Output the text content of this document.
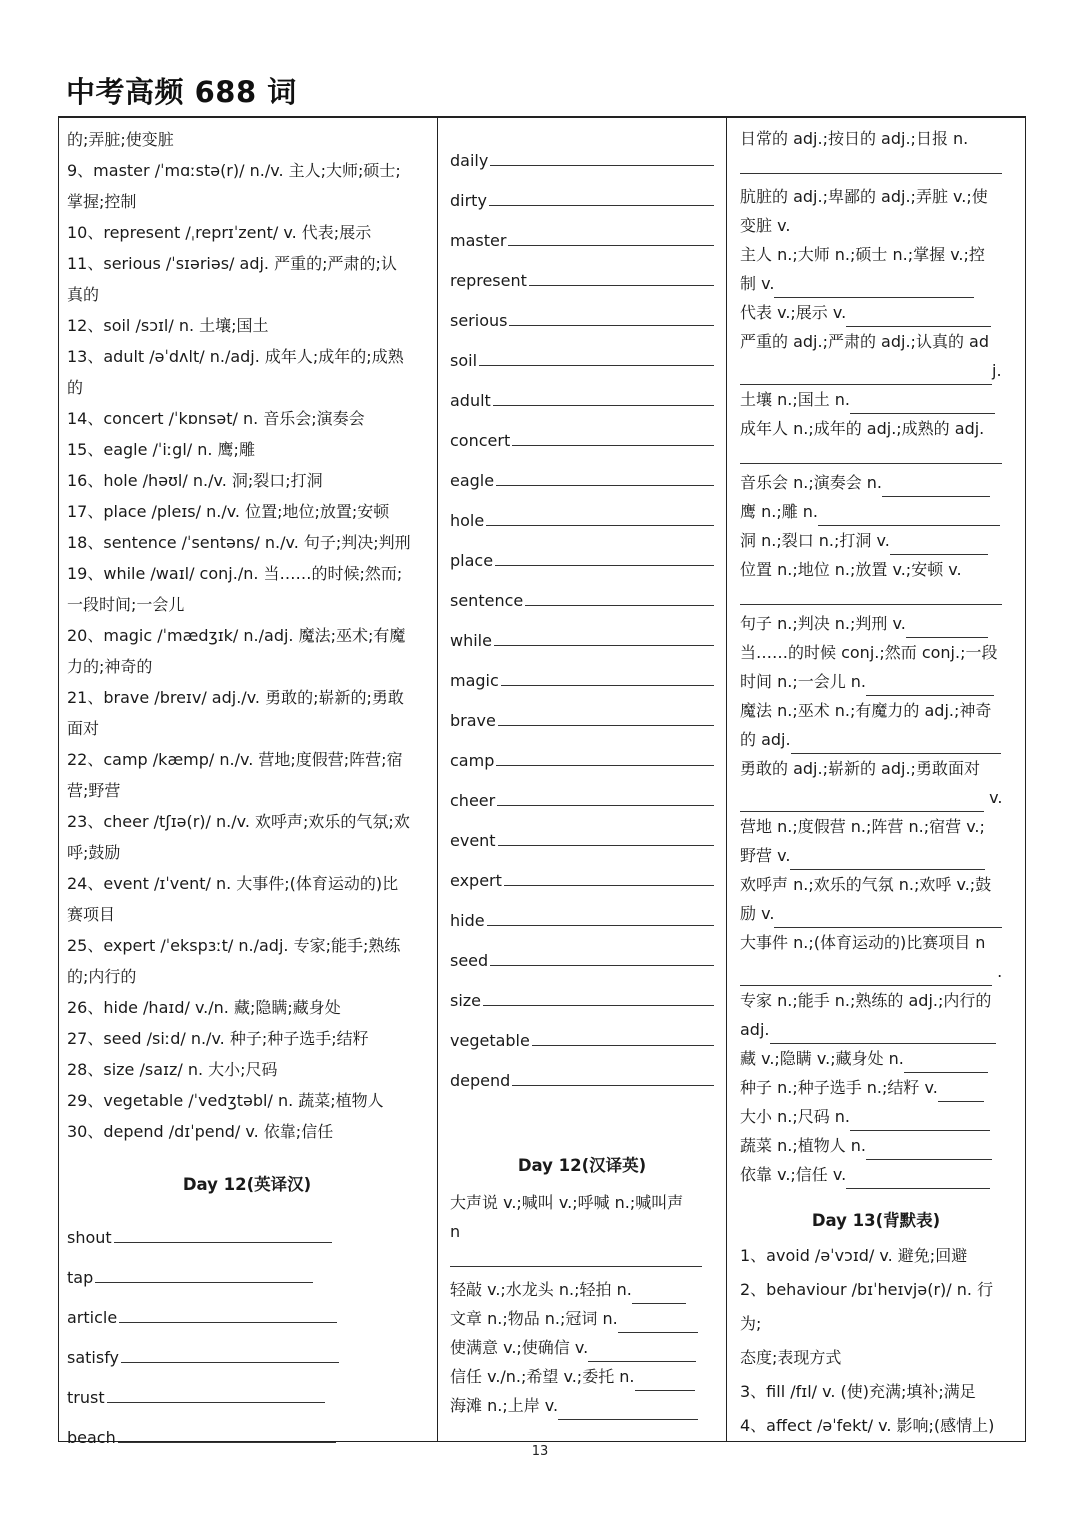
中考高频 688 词

的;弄脏;使变脏

9、master /ˈmɑːstə(r)/ n./v. 主人;大师;硕士;

掌握;控制

10、represent /ˌreprɪˈzent/ v. 代表;展示

11、serious /ˈsɪəriəs/ adj. 严重的;严肃的;认

真的

12、soil /sɔɪl/ n. 土壤;国土

13、adult /əˈdʌlt/ n./adj. 成年人;成年的;成熟

的

14、concert /ˈkɒnsət/ n. 音乐会;演奏会

15、eagle /ˈiːgl/ n. 鹰;雕

16、hole /həʊl/ n./v. 洞;裂口;打洞

17、place /pleɪs/ n./v. 位置;地位;放置;安顿

18、sentence /ˈsentəns/ n./v. 句子;判决;判刑

19、while /waɪl/ conj./n. 当……的时候;然而;

一段时间;一会儿

20、magic /ˈmædʒɪk/ n./adj. 魔法;巫术;有魔

力的;神奇的

21、brave /breɪv/ adj./v. 勇敢的;崭新的;勇敢

面对

22、camp /kæmp/ n./v. 营地;度假营;阵营;宿

营;野营

23、cheer /tʃɪə(r)/ n./v. 欢呼声;欢乐的气氛;欢

呼;鼓励

24、event /ɪˈvent/ n. 大事件;(体育运动的)比

赛项目

25、expert /ˈekspɜːt/ n./adj. 专家;能手;熟练

的;内行的

26、hide /haɪd/ v./n. 藏;隐瞒;藏身处

27、seed /siːd/ n./v. 种子;种子选手;结籽

28、size /saɪz/ n. 大小;尺码

29、vegetable /ˈvedʒtəbl/ n. 蔬菜;植物人

30、depend /dɪˈpend/ v. 依靠;信任

Day 12(英译汉)
shout
tap
article
satisfy
trust
beach
daily
dirty
master
represent
serious
soil
adult
concert
eagle
hole
place
sentence
while
magic
brave
camp
cheer
event
expert
hide
seed
size
vegetable
depend
Day 12(汉译英)
大声说 v.;喊叫 v.;呼喊 n.;喊叫声
n
轻敲 v.;水龙头 n.;轻拍 n.
文章 n.;物品 n.;冠词 n.
使满意 v.;使确信 v.
信任 v./n.;希望 v.;委托 n.
海滩 n.;上岸 v.
日常的 adj.;按日的 adj.;日报 n.
肮脏的 adj.;卑鄙的 adj.;弄脏 v.;使
变脏 v.
主人 n.;大师 n.;硕士 n.;掌握 v.;控
制 v.
代表 v.;展示 v.
严重的 adj.;严肃的 adj.;认真的 ad
j.
土壤 n.;国土 n.
成年人 n.;成年的 adj.;成熟的 adj.
音乐会 n.;演奏会 n.
鹰 n.;雕 n.
洞 n.;裂口 n.;打洞 v.
位置 n.;地位 n.;放置 v.;安顿 v.
句子 n.;判决 n.;判刑 v.
当……的时候 conj.;然而 conj.;一段
时间 n.;一会儿 n.
魔法 n.;巫术 n.;有魔力的 adj.;神奇
的 adj.
勇敢的 adj.;崭新的 adj.;勇敢面对
v.
营地 n.;度假营 n.;阵营 n.;宿营 v.;
野营 v.
欢呼声 n.;欢乐的气氛 n.;欢呼 v.;鼓
励 v.
大事件 n.;(体育运动的)比赛项目 n
.
专家 n.;能手 n.;熟练的 adj.;内行的
adj.
藏 v.;隐瞒 v.;藏身处 n.
种子 n.;种子选手 n.;结籽 v.
大小 n.;尺码 n.
蔬菜 n.;植物人 n.
依靠 v.;信任 v.
Day 13(背默表)

1、avoid /əˈvɔɪd/ v. 避免;回避

2、behaviour /bɪˈheɪvjə(r)/ n. 行为;

态度;表现方式

3、fill /fɪl/ v. (使)充满;填补;满足

4、affect /əˈfekt/ v. 影响;(感情上)

13
